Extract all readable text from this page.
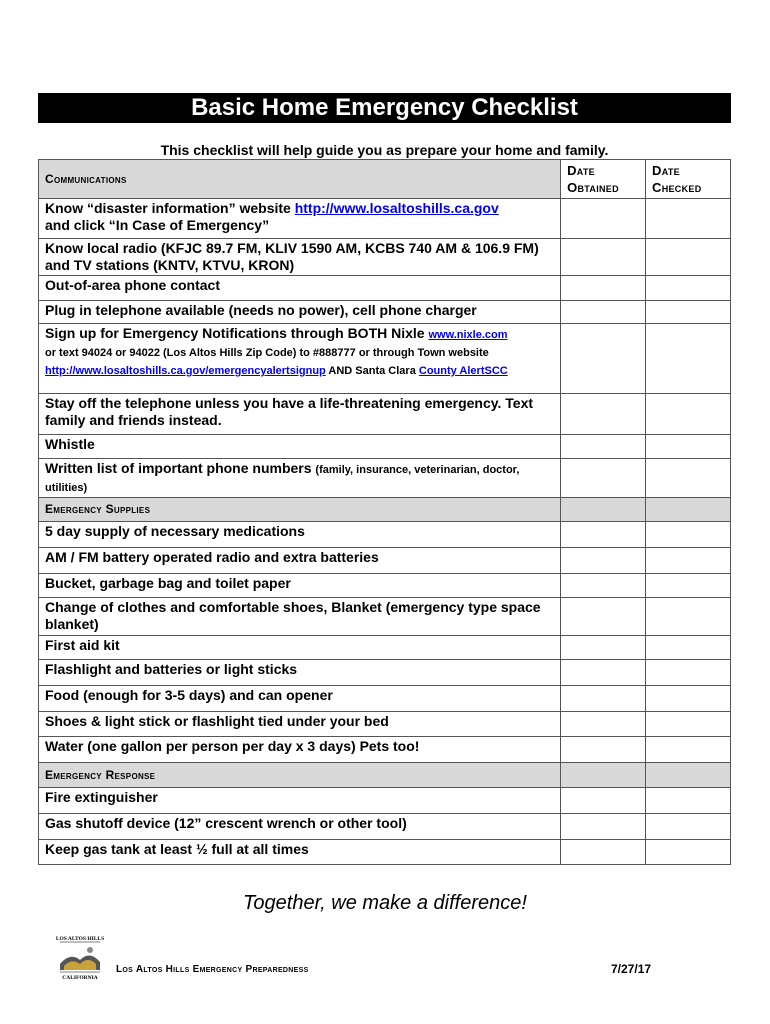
Basic Home Emergency Checklist
This checklist will help guide you as prepare your home and family.
Communications	Date Obtained	Date Checked
Know “disaster information” website http://www.losaltoshills.ca.gov
and click “In Case of Emergency”		
Know local radio (KFJC 89.7 FM, KLIV 1590 AM, KCBS 740 AM & 106.9 FM) and TV stations (KNTV, KTVU, KRON)		
Out-of-area phone contact		
Plug in telephone available (needs no power), cell phone charger		
Sign up for Emergency Notifications through BOTH Nixle www.nixle.com
or text 94024 or 94022 (Los Altos Hills Zip Code) to #888777 or through Town website http://www.losaltoshills.ca.gov/emergencyalertsignup AND Santa Clara County AlertSCC		
Stay off the telephone unless you have a life-threatening emergency. Text family and friends instead.		
Whistle		
Written list of important phone numbers (family, insurance, veterinarian, doctor, utilities)		
Emergency Supplies		
5 day supply of necessary medications		
AM / FM battery operated radio and extra batteries		
Bucket, garbage bag and toilet paper		
Change of clothes and comfortable shoes, Blanket (emergency type space blanket)		
First aid kit		
Flashlight and batteries or light sticks		
Food (enough for 3-5 days) and can opener		
Shoes & light stick or flashlight tied under your bed		
Water (one gallon per person per day x 3 days) Pets too!		
Emergency Response		
Fire extinguisher		
Gas shutoff device (12” crescent wrench or other tool)		
Keep gas tank at least ½ full at all times		
Together, we make a difference!
LOS ALTOS HILLS
CALIFORNIA
Los Altos Hills Emergency Preparedness	7/27/17
